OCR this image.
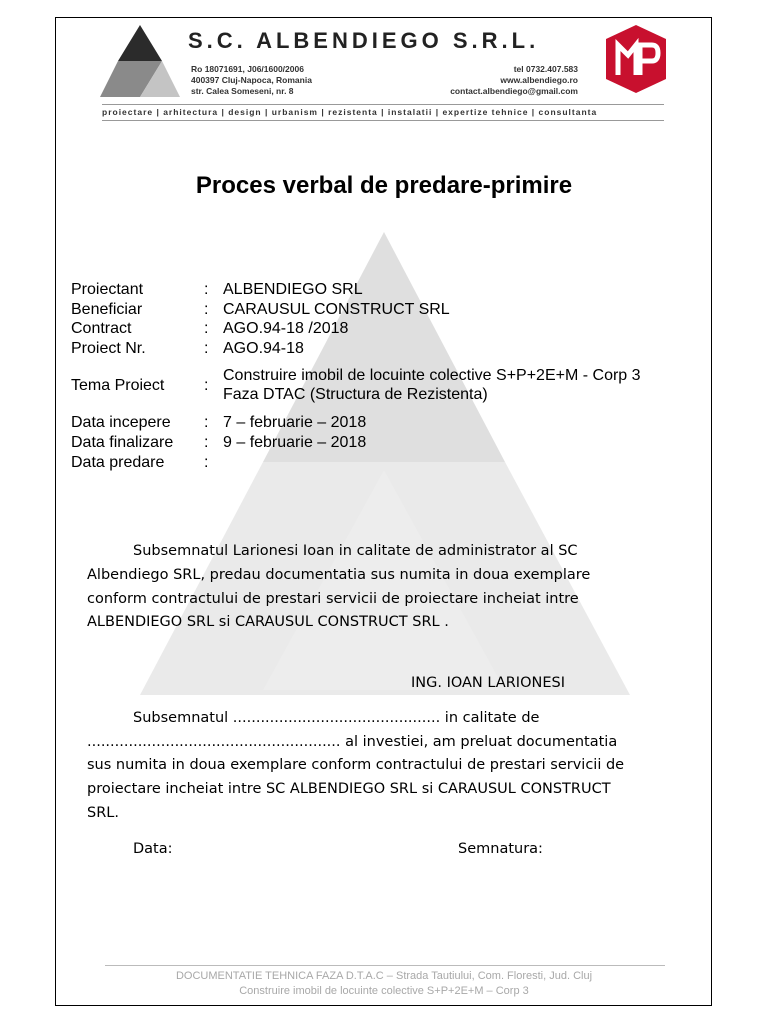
S.C. ALBENDIEGO S.R.L.
Ro 18071691, J06/1600/2006
400397 Cluj-Napoca, Romania
str. Calea Someseni, nr. 8
tel 0732.407.583
www.albendiego.ro
contact.albendiego@gmail.com
proiectare | arhitectura | design | urbanism | rezistenta | instalatii | expertize tehnice | consultanta
Proces verbal de predare-primire
Proiectant	: ALBENDIEGO SRL
Beneficiar	: CARAUSUL CONSTRUCT SRL
Contract	: AGO.94-18 /2018
Proiect Nr.	: AGO.94-18
Tema Proiect :
Construire imobil de locuinte colective S+P+2E+M - Corp 3
Faza DTAC (Structura de Rezistenta)
Data incepere : 7 – februarie – 2018
Data finalizare : 9 – februarie – 2018
Data predare :
Subsemnatul Larionesi Ioan in calitate de administrator al SC
Albendiego SRL, predau documentatia sus numita in doua exemplare
conform contractului de prestari servicii de proiectare incheiat intre
ALBENDIEGO SRL si CARAUSUL CONSTRUCT SRL .
ING. IOAN LARIONESI
Subsemnatul ............................................. in calitate de
....................................................... al investiei, am preluat documentatia
sus numita in doua exemplare conform contractului de prestari servicii de
proiectare incheiat intre SC ALBENDIEGO SRL si CARAUSUL CONSTRUCT
SRL.
Data:	Semnatura:
DOCUMENTATIE TEHNICA FAZA D.T.A.C – Strada Tautiului, Com. Floresti, Jud. Cluj
Construire imobil de locuinte colective S+P+2E+M – Corp 3
